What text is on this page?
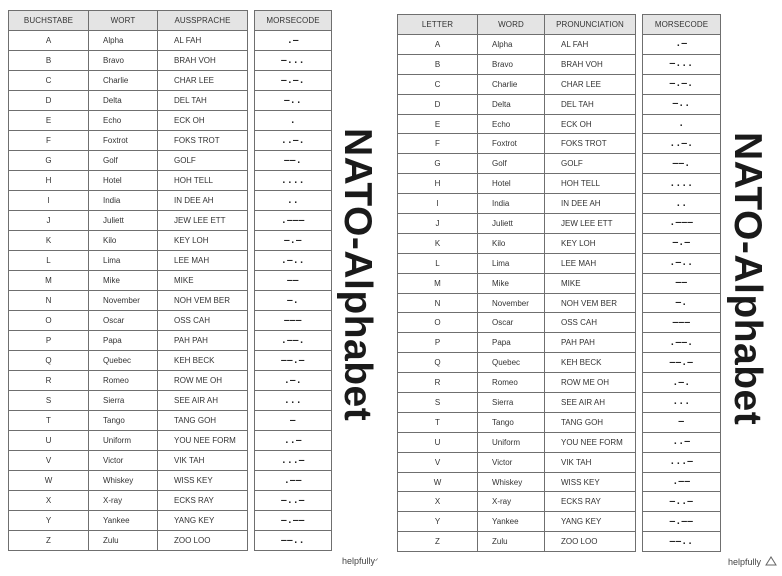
BUCHSTABE	WORT	AUSSPRACHE
A	Alpha	AL FAH
B	Bravo	BRAH VOH
C	Charlie	CHAR LEE
D	Delta	DEL TAH
E	Echo	ECK OH
F	Foxtrot	FOKS TROT
G	Golf	GOLF
H	Hotel	HOH TELL
I	India	IN DEE AH
J	Juliett	JEW LEE ETT
K	Kilo	KEY LOH
L	Lima	LEE MAH
M	Mike	MIKE
N	November	NOH VEM BER
O	Oscar	OSS CAH
P	Papa	PAH PAH
Q	Quebec	KEH BECK
R	Romeo	ROW ME OH
S	Sierra	SEE AIR AH
T	Tango	TANG GOH
U	Uniform	YOU NEE FORM
V	Victor	VIK TAH
W	Whiskey	WISS KEY
X	X-ray	ECKS RAY
Y	Yankee	YANG KEY
Z	Zulu	ZOO LOO
MORSECODE
.–
–...
–.–.
–..
.
..–.
––.
....
..
.–––
–.–
.–..
––
–.
–––
.––.
––.–
.–.
...
–
..–
...–
.––
–..–
–.––
––..
NATO-Alphabet
helpfullyᐟ
LETTER	WORD	PRONUNCIATION
A	Alpha	AL FAH
B	Bravo	BRAH VOH
C	Charlie	CHAR LEE
D	Delta	DEL TAH
E	Echo	ECK OH
F	Foxtrot	FOKS TROT
G	Golf	GOLF
H	Hotel	HOH TELL
I	India	IN DEE AH
J	Juliett	JEW LEE ETT
K	Kilo	KEY LOH
L	Lima	LEE MAH
M	Mike	MIKE
N	November	NOH VEM BER
O	Oscar	OSS CAH
P	Papa	PAH PAH
Q	Quebec	KEH BECK
R	Romeo	ROW ME OH
S	Sierra	SEE AIR AH
T	Tango	TANG GOH
U	Uniform	YOU NEE FORM
V	Victor	VIK TAH
W	Whiskey	WISS KEY
X	X-ray	ECKS RAY
Y	Yankee	YANG KEY
Z	Zulu	ZOO LOO
MORSECODE
.–
–...
–.–.
–..
.
..–.
––.
....
..
.–––
–.–
.–..
––
–.
–––
.––.
––.–
.–.
...
–
..–
...–
.––
–..–
–.––
––..
NATO-Alphabet
helpfully
